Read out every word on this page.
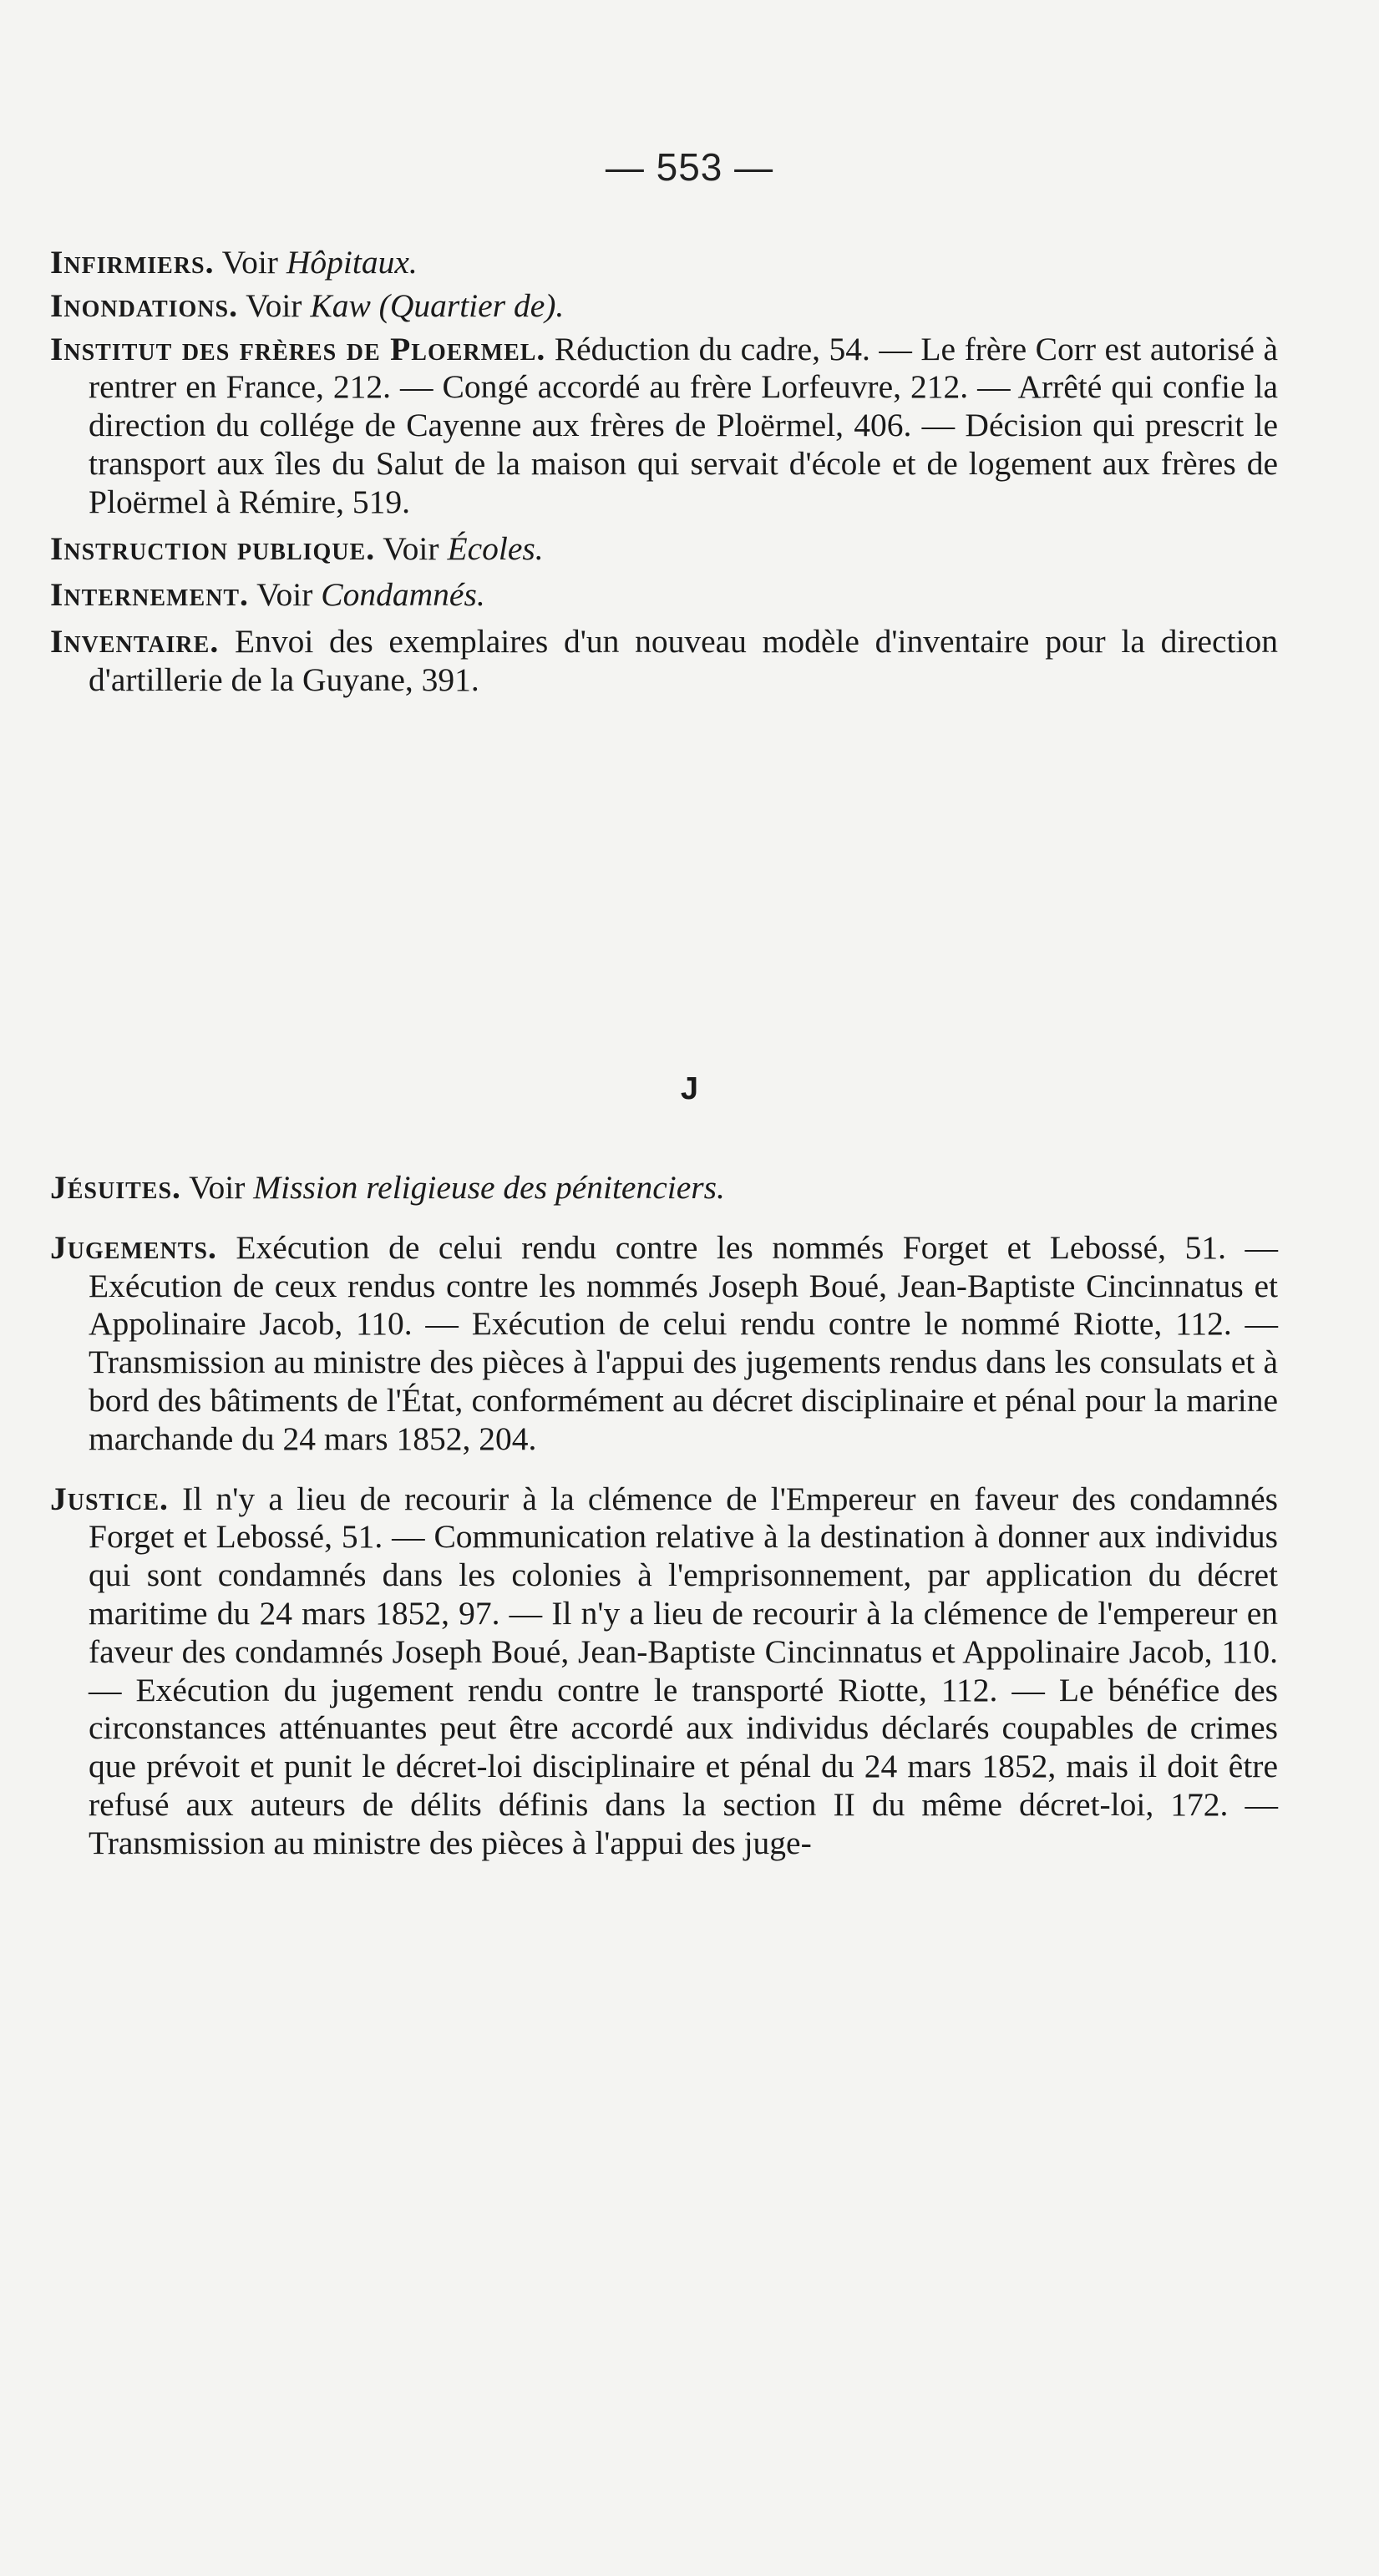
— 553 —
Infirmiers. Voir Hôpitaux.
Inondations. Voir Kaw (Quartier de).
Institut des frères de Ploermel. Réduction du cadre, 54. — Le frère Corr est autorisé à rentrer en France, 212. — Congé accordé au frère Lorfeuvre, 212. — Arrêté qui confie la direction du collége de Cayenne aux frères de Ploërmel, 406. — Décision qui prescrit le transport aux îles du Salut de la maison qui servait d'école et de logement aux frères de Ploërmel à Rémire, 519.
Instruction publique. Voir Écoles.
Internement. Voir Condamnés.
Inventaire. Envoi des exemplaires d'un nouveau modèle d'inventaire pour la direction d'artillerie de la Guyane, 391.
J
Jésuites. Voir Mission religieuse des pénitenciers.
Jugements. Exécution de celui rendu contre les nommés Forget et Lebossé, 51. — Exécution de ceux rendus contre les nommés Joseph Boué, Jean-Baptiste Cincinnatus et Appolinaire Jacob, 110. — Exécution de celui rendu contre le nommé Riotte, 112. — Transmission au ministre des pièces à l'appui des jugements rendus dans les consulats et à bord des bâtiments de l'État, conformément au décret disciplinaire et pénal pour la marine marchande du 24 mars 1852, 204.
Justice. Il n'y a lieu de recourir à la clémence de l'Empereur en faveur des condamnés Forget et Lebossé, 51. — Communication relative à la destination à donner aux individus qui sont condamnés dans les colonies à l'emprisonnement, par application du décret maritime du 24 mars 1852, 97. — Il n'y a lieu de recourir à la clémence de l'empereur en faveur des condamnés Joseph Boué, Jean-Baptiste Cincinnatus et Appolinaire Jacob, 110. — Exécution du jugement rendu contre le transporté Riotte, 112. — Le bénéfice des circonstances atténuantes peut être accordé aux individus déclarés coupables de crimes que prévoit et punit le décret-loi disciplinaire et pénal du 24 mars 1852, mais il doit être refusé aux auteurs de délits définis dans la section II du même décret-loi, 172. — Transmission au ministre des pièces à l'appui des juge-
